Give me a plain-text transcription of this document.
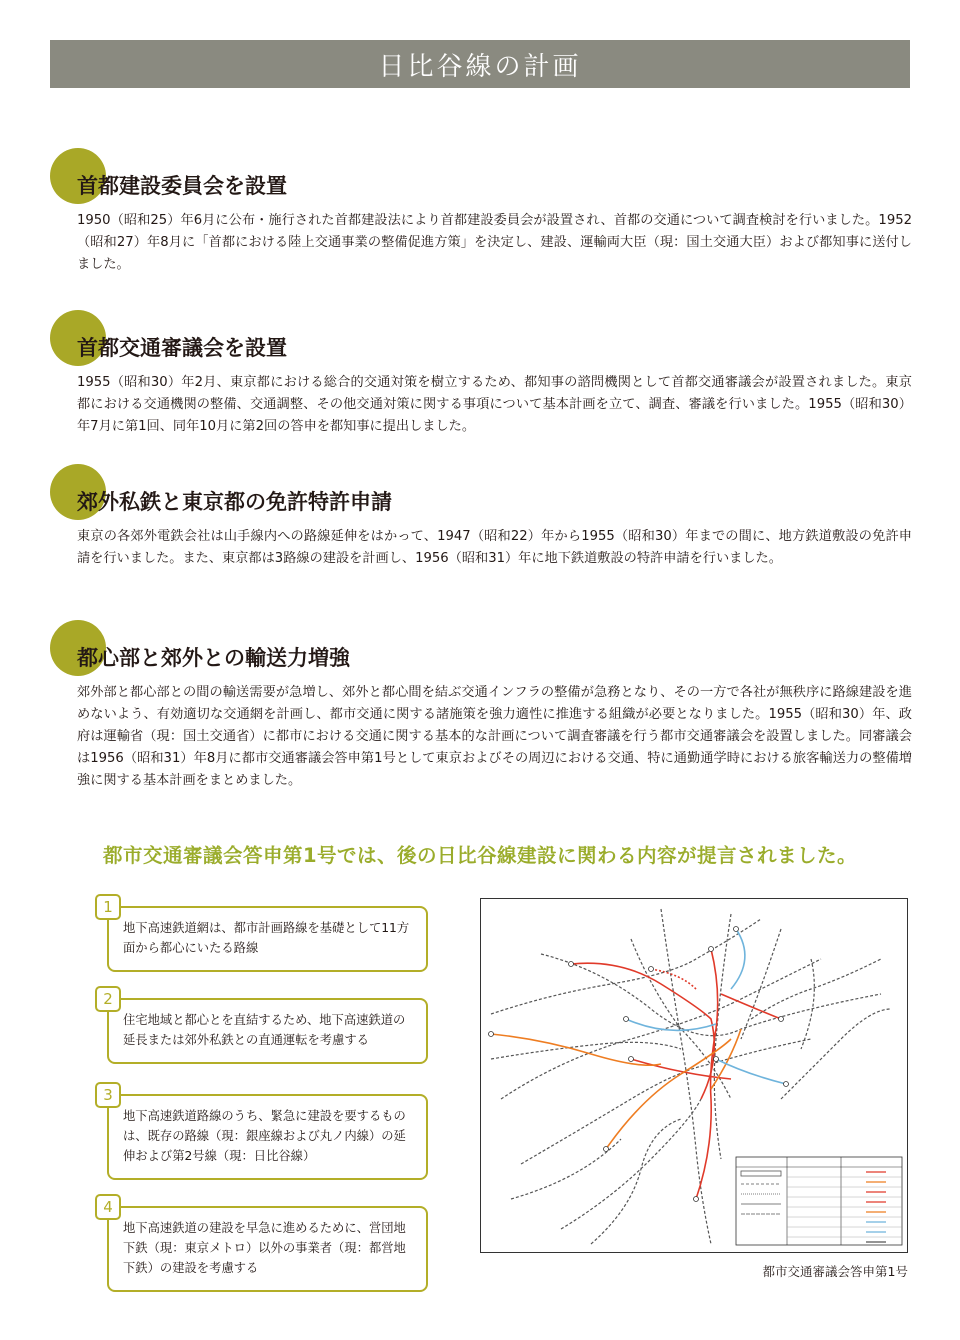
日比谷線の計画
首都建設委員会を設置

1950（昭和25）年6月に公布・施行された首都建設法により首都建設委員会が設置され、首都の交通について調査検討を行いました。1952（昭和27）年8月に「首都における陸上交通事業の整備促進方策」を決定し、建設、運輸両大臣（現：国土交通大臣）および都知事に送付しました。

首都交通審議会を設置

1955（昭和30）年2月、東京都における総合的交通対策を樹立するため、都知事の諮問機関として首都交通審議会が設置されました。東京都における交通機関の整備、交通調整、その他交通対策に関する事項について基本計画を立て、調査、審議を行いました。1955（昭和30）年7月に第1回、同年10月に第2回の答申を都知事に提出しました。

郊外私鉄と東京都の免許特許申請

東京の各郊外電鉄会社は山手線内への路線延伸をはかって、1947（昭和22）年から1955（昭和30）年までの間に、地方鉄道敷設の免許申請を行いました。また、東京都は3路線の建設を計画し、1956（昭和31）年に地下鉄道敷設の特許申請を行いました。

都心部と郊外との輸送力増強

郊外部と都心部との間の輸送需要が急増し、郊外と都心間を結ぶ交通インフラの整備が急務となり、その一方で各社が無秩序に路線建設を進めないよう、有効適切な交通網を計画し、都市交通に関する諸施策を強力適性に推進する組織が必要となりました。1955（昭和30）年、政府は運輸省（現：国土交通省）に都市における交通に関する基本的な計画について調査審議を行う都市交通審議会を設置しました。同審議会は1956（昭和31）年8月に都市交通審議会答申第1号として東京およびその周辺における交通、特に通勤通学時における旅客輸送力の整備増強に関する基本計画をまとめました。

都市交通審議会答申第1号では、後の日比谷線建設に関わる内容が提言されました。
1

地下高速鉄道網は、都市計画路線を基礎として11方面から都心にいたる路線

2

住宅地域と都心とを直結するため、地下高速鉄道の延長または郊外私鉄との直通運転を考慮する

3

地下高速鉄道路線のうち、緊急に建設を要するものは、既存の路線（現：銀座線および丸ノ内線）の延伸および第2号線（現：日比谷線）

4

地下高速鉄道の建設を早急に進めるために、営団地下鉄（現：東京メトロ）以外の事業者（現：都営地下鉄）の建設を考慮する	都市交通審議会答申第1号
